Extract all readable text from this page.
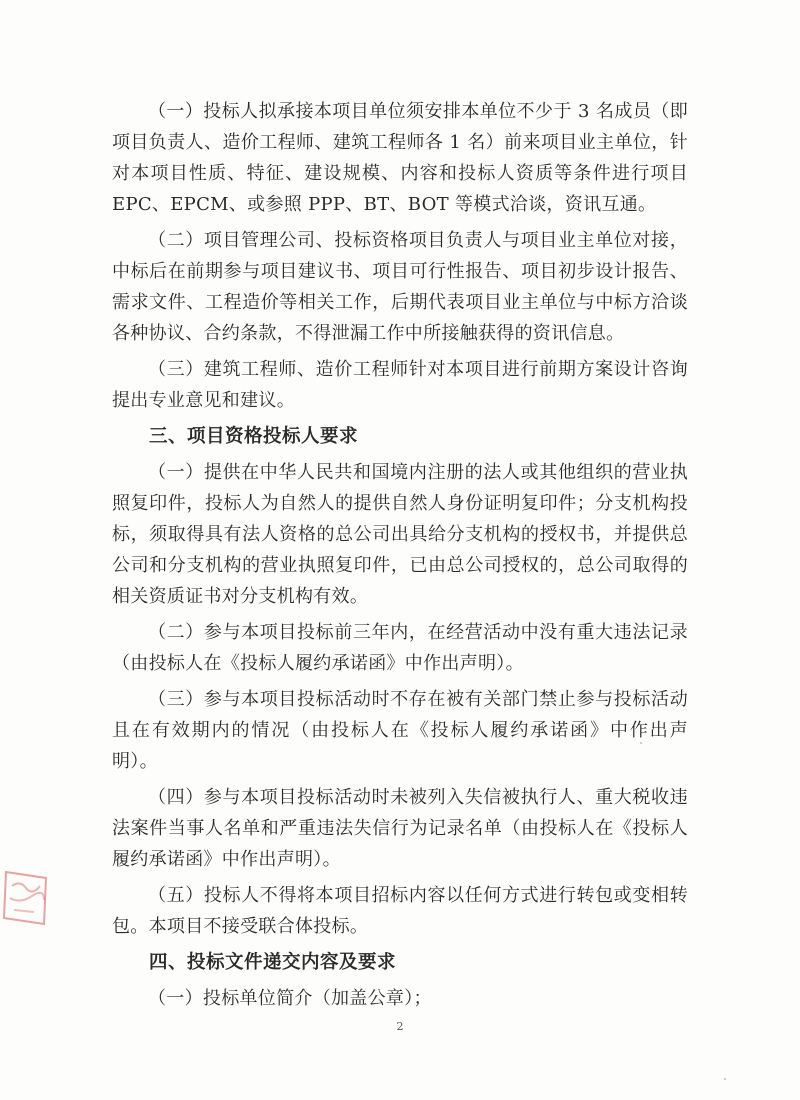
（一）投标人拟承接本项目单位须安排本单位不少于 3 名成员（即项目负责人、造价工程师、建筑工程师各 1 名）前来项目业主单位，针对本项目性质、特征、建设规模、内容和投标人资质等条件进行项目 EPC、EPCM、或参照 PPP、BT、BOT 等模式洽谈，资讯互通。

（二）项目管理公司、投标资格项目负责人与项目业主单位对接，中标后在前期参与项目建议书、项目可行性报告、项目初步设计报告、需求文件、工程造价等相关工作，后期代表项目业主单位与中标方洽谈各种协议、合约条款，不得泄漏工作中所接触获得的资讯信息。

（三）建筑工程师、造价工程师针对本项目进行前期方案设计咨询提出专业意见和建议。

三、项目资格投标人要求

（一）提供在中华人民共和国境内注册的法人或其他组织的营业执照复印件，投标人为自然人的提供自然人身份证明复印件；分支机构投标，须取得具有法人资格的总公司出具给分支机构的授权书，并提供总公司和分支机构的营业执照复印件，已由总公司授权的，总公司取得的相关资质证书对分支机构有效。

（二）参与本项目投标前三年内，在经营活动中没有重大违法记录（由投标人在《投标人履约承诺函》中作出声明）。

（三）参与本项目投标活动时不存在被有关部门禁止参与投标活动且在有效期内的情况（由投标人在《投标人履约承诺函》中作出声明）。

（四）参与本项目投标活动时未被列入失信被执行人、重大税收违法案件当事人名单和严重违法失信行为记录名单（由投标人在《投标人履约承诺函》中作出声明）。

（五）投标人不得将本项目招标内容以任何方式进行转包或变相转包。本项目不接受联合体投标。

四、投标文件递交内容及要求

（一）投标单位简介（加盖公章）；

2
